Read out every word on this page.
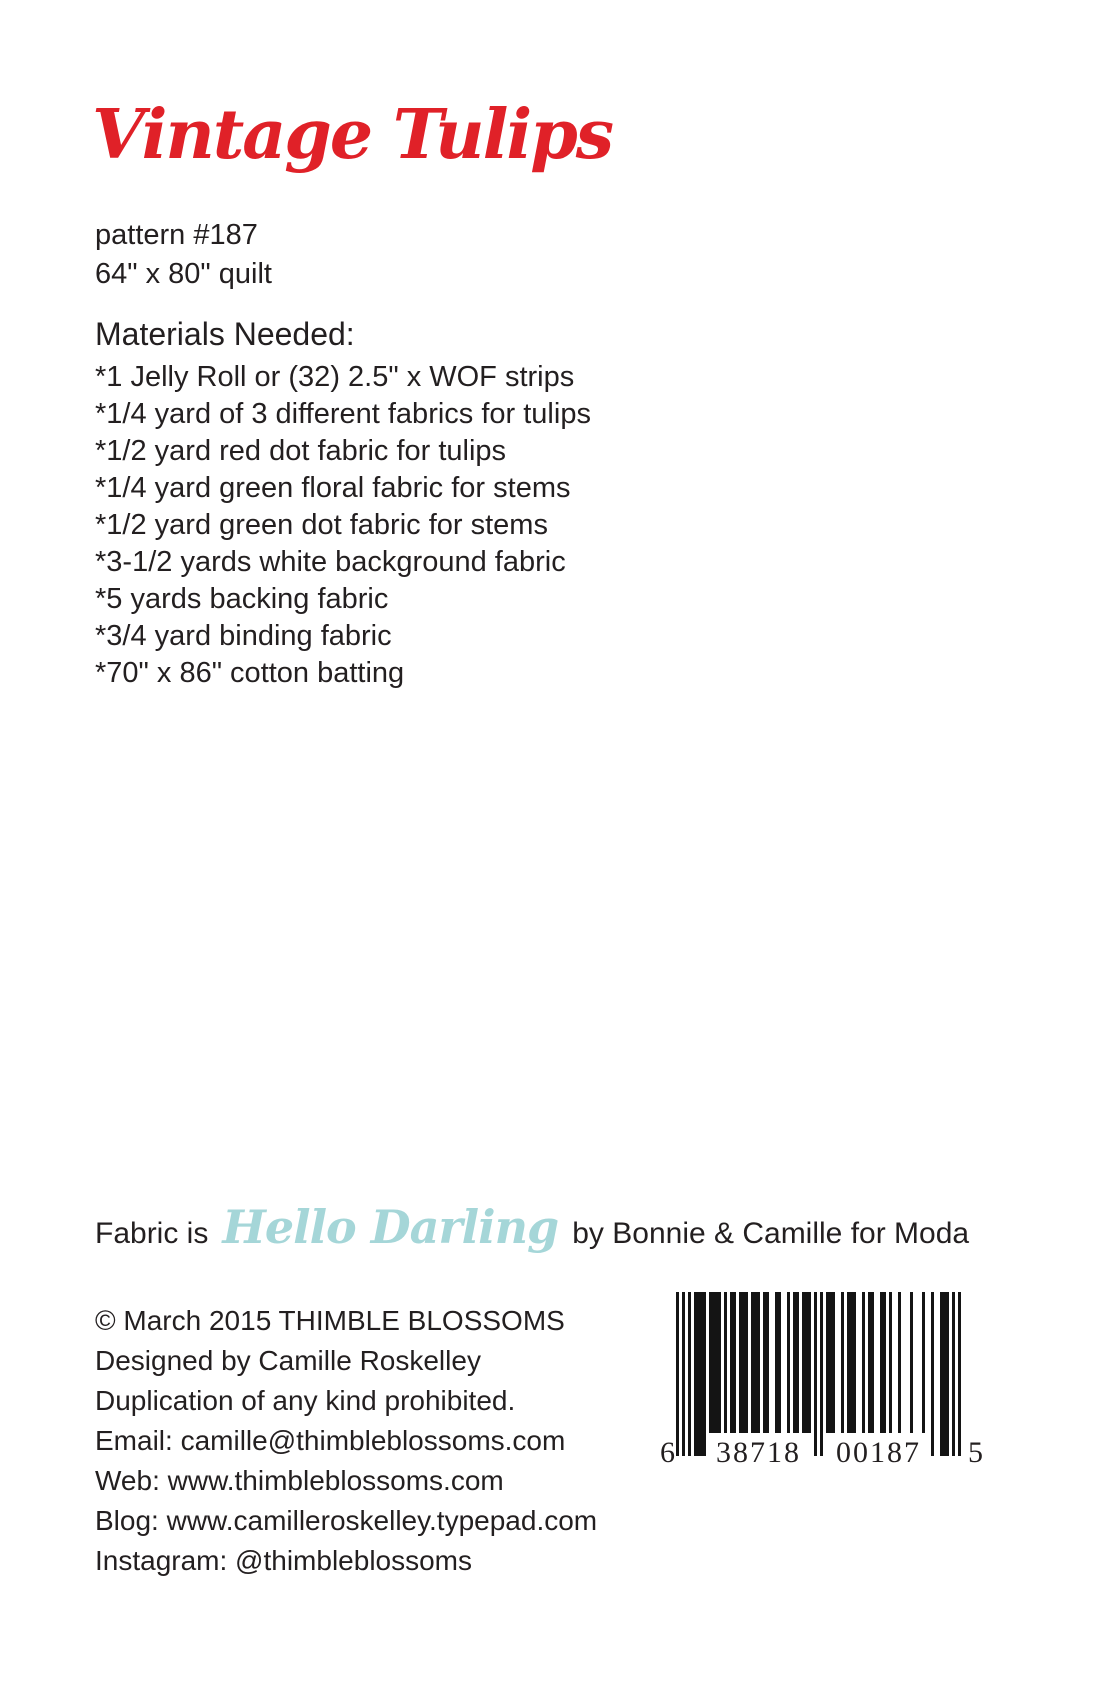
Vintage Tulips
pattern #187
64" x 80" quilt
Materials Needed:
*1 Jelly Roll or (32) 2.5" x WOF strips
*1/4 yard of 3 different fabrics for tulips
*1/2 yard red dot fabric for tulips
*1/4 yard green floral fabric for stems
*1/2 yard green dot fabric for stems
*3-1/2 yards white background fabric
*5 yards backing fabric
*3/4 yard binding fabric
*70" x 86" cotton batting
Fabric is Hello Darling by Bonnie & Camille for Moda
© March 2015 THIMBLE BLOSSOMS
Designed by Camille Roskelley
Duplication of any kind prohibited.
Email: camille@thimbleblossoms.com
Web: www.thimbleblossoms.com
Blog: www.camilleroskelley.typepad.com
Instagram: @thimbleblossoms
6	38718	00187	5
